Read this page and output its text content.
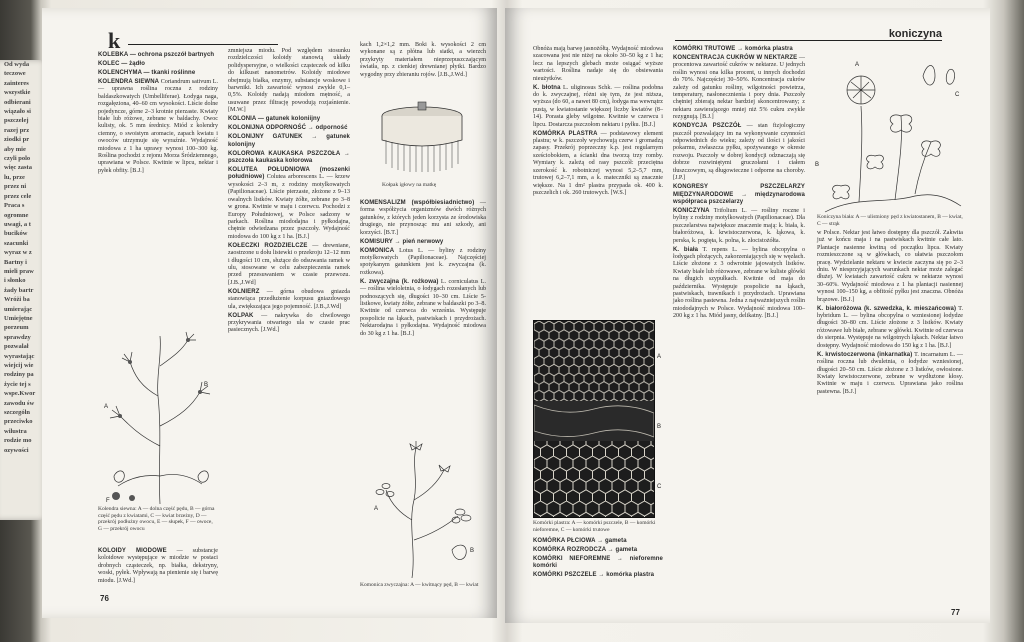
Od wyda
teczowe
zainteres
wszystkie
odbierani
wiązało si
pszczelej
razej prz
ziodki pr
aby mie
czyli polo
więc zasta
lu, prze
przez ni
przez cele
Praca s
ogromne
uwagi, a t
bucików
szacunki
wyraz w z
Bartny i
mieli praw
i słonko
żady bartr
Wróżi ba
umierając
Umiejętne
porzeum
sprawdzy
pozwalał
wyrastając
wiejcij wie
rodziny pa
życie tej s
wspe.Kwor
zawodu św
szczególn
przeciwko
wilustra
rodzie mo
ozywości
k

KOLEBKA — ochrona pszczół bartnych

KOLEC — żądło

KOLENCHYMA — tkanki roślinne

KOLENDRA SIEWNA Coriandrum sativum L. — uprawna roślina roczna z rodziny baldaszkowatych (Umbelliferae). Łodyga naga, rozgałęziona, 40–60 cm wysokości. Liście dolne pojedyncze, górne 2–3 krotnie pierzaste. Kwiaty białe lub różowe, zebrane w baldachy. Owoc kulisty, ok. 5 mm średnicy. Miód z kolendry ciemny, o swoistym aromacie, zapach kwiatu i owoców utrzymuje się wyraźnie. Wydajność miodowa z 1 ha uprawy wynosi 100–300 kg. Roślina pochodzi z rejonu Morza Śródziemnego, uprawiana w Polsce. Kwitnie w lipcu, nektar i pyłek obfity. [B.J.]

A
B
F
Kolendra siewna: A — dolna część pędu, B — górna część pędu z kwiatami, C — kwiat brzeżny, D — przekrój podłużny owocu, E — słupek, F — owoce, G — przekrój owocu

KOLOIDY MIODOWE — substancje koloidowe występujące w miodzie w postaci drobnych cząsteczek, np. białka, dekstryny, woski, pyłek. Wpływają na pienienie się i barwę miodu. [J.Wd.]

zmniejsza miodu. Pod względem stosunku rozdzielczości koloidy stanowią układy polidyspersyjne, o wielkości cząsteczek od kilku do kilkuset nanometrów. Koloidy miodowe obejmują białka, enzymy, substancje woskowe i barwniki. Ich zawartość wynosi zwykle 0,1–0,5%. Koloidy nadają miodom mętność, a usuwane przez filtrację powodują rozjaśnienie. [M.W.]

KOLONIA — gatunek koloniijny

KOLONIJNA ODPORNOŚĆ → odporność

KOLONIJNY GATUNEK → gatunek kolonijny

KOLOROWA KAUKASKA PSZCZOŁA → pszczoła kaukaska kolorowa

KOLUTEA POŁUDNIOWA (moszenki południowe) Colutea arborescens L. — krzew wysokości 2–3 m, z rodziny motylkowatych (Papilionaceae). Liście pierzaste, złożone z 9–13 owalnych listków. Kwiaty żółte, zebrane po 3–8 w grona. Kwitnie w maju i czerwcu. Pochodzi z Europy Południowej, w Polsce sadzony w parkach. Roślina miododajna i pyłkodajna, chętnie odwiedzana przez pszczoły. Wydajność miodowa do 100 kg z 1 ha. [B.J.]

KOŁECZKI ROZDZIELCZE — drewniane, zaostrzone u dołu listewki o przekroju 12–12 mm i długości 10 cm, służące do odsuwania ramek w ulu, stosowane w celu zabezpieczenia ramek przed przesuwaniem w czasie przewozu. [J.B.,J.Wd]

KOLNIERZ — górna obudowa gniazda stanowiąca przedłużenie korpusu gniazdowego ula, zwiększająca jego pojemność. [J.B.,J.Wd]

KOLPAK — nakrywka do chwilowego przykrywania otwartego ula w czasie prac pasiecznych. [J.Wd.]

kach 1,2×1,2 mm. Boki k. wysokości 2 cm wykonane są z płótna lub siatki, a wierzch przykryty materiałem nieprzepuszczającym światła, np. z cienkiej drewnianej płytki. Bardzo wygodny przy zbieraniu rojów. [J.B.,J.Wd.]

Kołpak igłowy na matkę

KOMENSALIZM (współbiesiadnictwo) — forma współżycia organizmów dwóch różnych gatunków, z których jeden korzysta ze środowiska drugiego, nie przynosząc mu ani szkody, ani korzyści. [B.T.]

KOMISURY → pień nerwowy

KOMONICA Lotus L. — byliny z rodziny motylkowatych (Papilionaceae). Najczęściej spotykanym gatunkiem jest k. zwyczajna (k. rożkowa).

K. zwyczajna (k. rożkowa) L. corniculatus L. — roślina wieloletnia, o łodygach rozesłanych lub podnoszących się, długości 10–30 cm. Liście 5-listkowe, kwiaty żółte, zebrane w baldaszki po 3–8. Kwitnie od czerwca do września. Występuje pospolicie na łąkach, pastwiskach i przydrożach. Nektarodajna i pyłkodajna. Wydajność miodowa do 30 kg z 1 ha. [B.J.]

A
B
Komonica zwyczajna: A — kwitnący pęd, B — kwiat
76
koniczyna

Obnóża mają barwę jasnożółtą. Wydajność miodowa szacowana jest nie niżej na około 30–50 kg z 1 ha; lecz na lepszych glebach może osiągać wyższe wartości. Roślina nadaje się do obsiewania nieużytków.

K. błotna L. uliginosus Schk. — roślina podobna do k. zwyczajnej, różni się tym, że jest niższa, wyższa (do 60, a nawet 80 cm), łodyga ma wewnątrz pustą, w kwiatostanie większej liczby kwiatów (8–14). Porasta gleby wilgotne. Kwitnie w czerwcu i lipcu. Dostarcza pszczołom nektaru i pyłku. [B.J.]

KOMÓRKA PLASTRA — podstawowy element plastra; w k. pszczoły wychowują czerw i gromadzą zapasy. Przekrój poprzeczny k.p. jest regularnym sześciobokiem, a ścianki dna tworzą trzy romby. Wymiary k. zależą od rasy pszczół: przeciętna szerokość k. robotniczej wynosi 5,2–5,7 mm, trutowej 6,2–7,1 mm, a k. mateczniki są znacznie większe. Na 1 dm² plastra przypada ok. 400 k. pszczelich i ok. 260 trutowych. [W.S.]

A
B
C
Komórki plastra: A — komórki pszczele, B — komórki nieforemne, C — komórki trutowe

KOMÓRKA PŁCIOWA → gameta

KOMÓRKA ROZRODCZA → gameta

KOMÓRKI NIEFOREMNE → nieforemne komórki

KOMÓRKI PSZCZELE → komórka plastra

KOMÓRKI TRUTOWE → komórka plastra

KONCENTRACJA CUKRÓW W NEKTARZE — procentowa zawartość cukrów w nektarze. U jednych roślin wynosi ona kilka procent, u innych dochodzi do 70%. Najczęściej 30–50%. Koncentracja cukrów zależy od gatunku rośliny, wilgotności powietrza, temperatury, nasłonecznienia i pory dnia. Pszczoły chętniej zbierają nektar bardziej skoncentrowany; z nektaru zawierającego mniej niż 5% cukru zwykle rezygnują. [B.J.]

KONDYCJA PSZCZÓŁ — stan fizjologiczny pszczół pozwalający im na wykonywanie czynności odpowiednich do wieku; zależy od ilości i jakości pokarmu, zwłaszcza pyłku, spożywanego w okresie rozwoju. Pszczoły w dobrej kondycji odznaczają się dobrze rozwiniętymi gruczołami i ciałem tłuszczowym, są długowieczne i odporne na choroby. [J.P.]

KONGRESY PSZCZELARZY MIĘDZYNARODOWE → międzynarodowa współpraca pszczelarzy

KONICZYNA Trifolium L. — rośliny roczne i byliny z rodziny motylkowatych (Papilionaceae). Dla pszczelarstwa największe znaczenie mają: k. biała, k. białoróżowa, k. krwistoczerwona, k. łąkowa, k. perska, k. pogięta, k. polna, k. złocistożółta.

K. biała T. repens L. — bylina obcopylna o łodygach płożących, zakorzeniających się w węzłach. Liście złożone z 3 odwrotnie jajowatych listków. Kwiaty białe lub różowawe, zebrane w kuliste główki na długich szypułkach. Kwitnie od maja do października. Występuje pospolicie na łąkach, pastwiskach, trawnikach i przydrożach. Uprawiana jako roślina pastewna. Jedna z najważniejszych roślin miododajnych w Polsce. Wydajność miodowa 100–200 kg z 1 ha. Miód jasny, delikatny. [B.J.]

B
A
C
Koniczyna biała: A — ulistniony pęd z kwiatostanem, B — kwiat, C — strąk

w Polsce. Nektar jest łatwo dostępny dla pszczół. Zakwita już w końcu maja i na pastwiskach kwitnie całe lato. Plantacje nasienne kwitną od początku lipca. Kwiaty rozmieszczone są w główkach, co ułatwia pszczołom pracę. Wydzielanie nektaru w kwiecie zaczyna się po 2–3 dniu. W niesprzyjających warunkach nektar może zalegać dłużej. W kwiatach zawartość cukru w nektarze wynosi 30–60%. Wydajność miodowa z 1 ha plantacji nasiennej wynosi 100–150 kg, a obfitość pyłku jest znaczna. Obnóża brązowe. [B.J.]

K. białoróżowa (k. szwedzka, k. mieszańcowa) T. hybridum L. — bylina obcopylna o wzniesionej łodydze długości 30–80 cm. Liście złożone z 3 listków. Kwiaty różowawe lub białe, zebrane w główki. Kwitnie od czerwca do sierpnia. Występuje na wilgotnych łąkach. Nektar łatwo dostępny. Wydajność miodowa do 150 kg z 1 ha. [B.J.]

K. krwistoczerwona (inkarnatka) T. incarnatum L. — roślina roczna lub dwuletnia, o łodydze wzniesionej, długości 20–50 cm. Liście złożone z 3 listków, owłosione. Kwiaty krwistoczerwone, zebrane w wydłużone kłosy. Kwitnie w maju i czerwcu. Uprawiana jako roślina pastewna. [B.J.]

77
